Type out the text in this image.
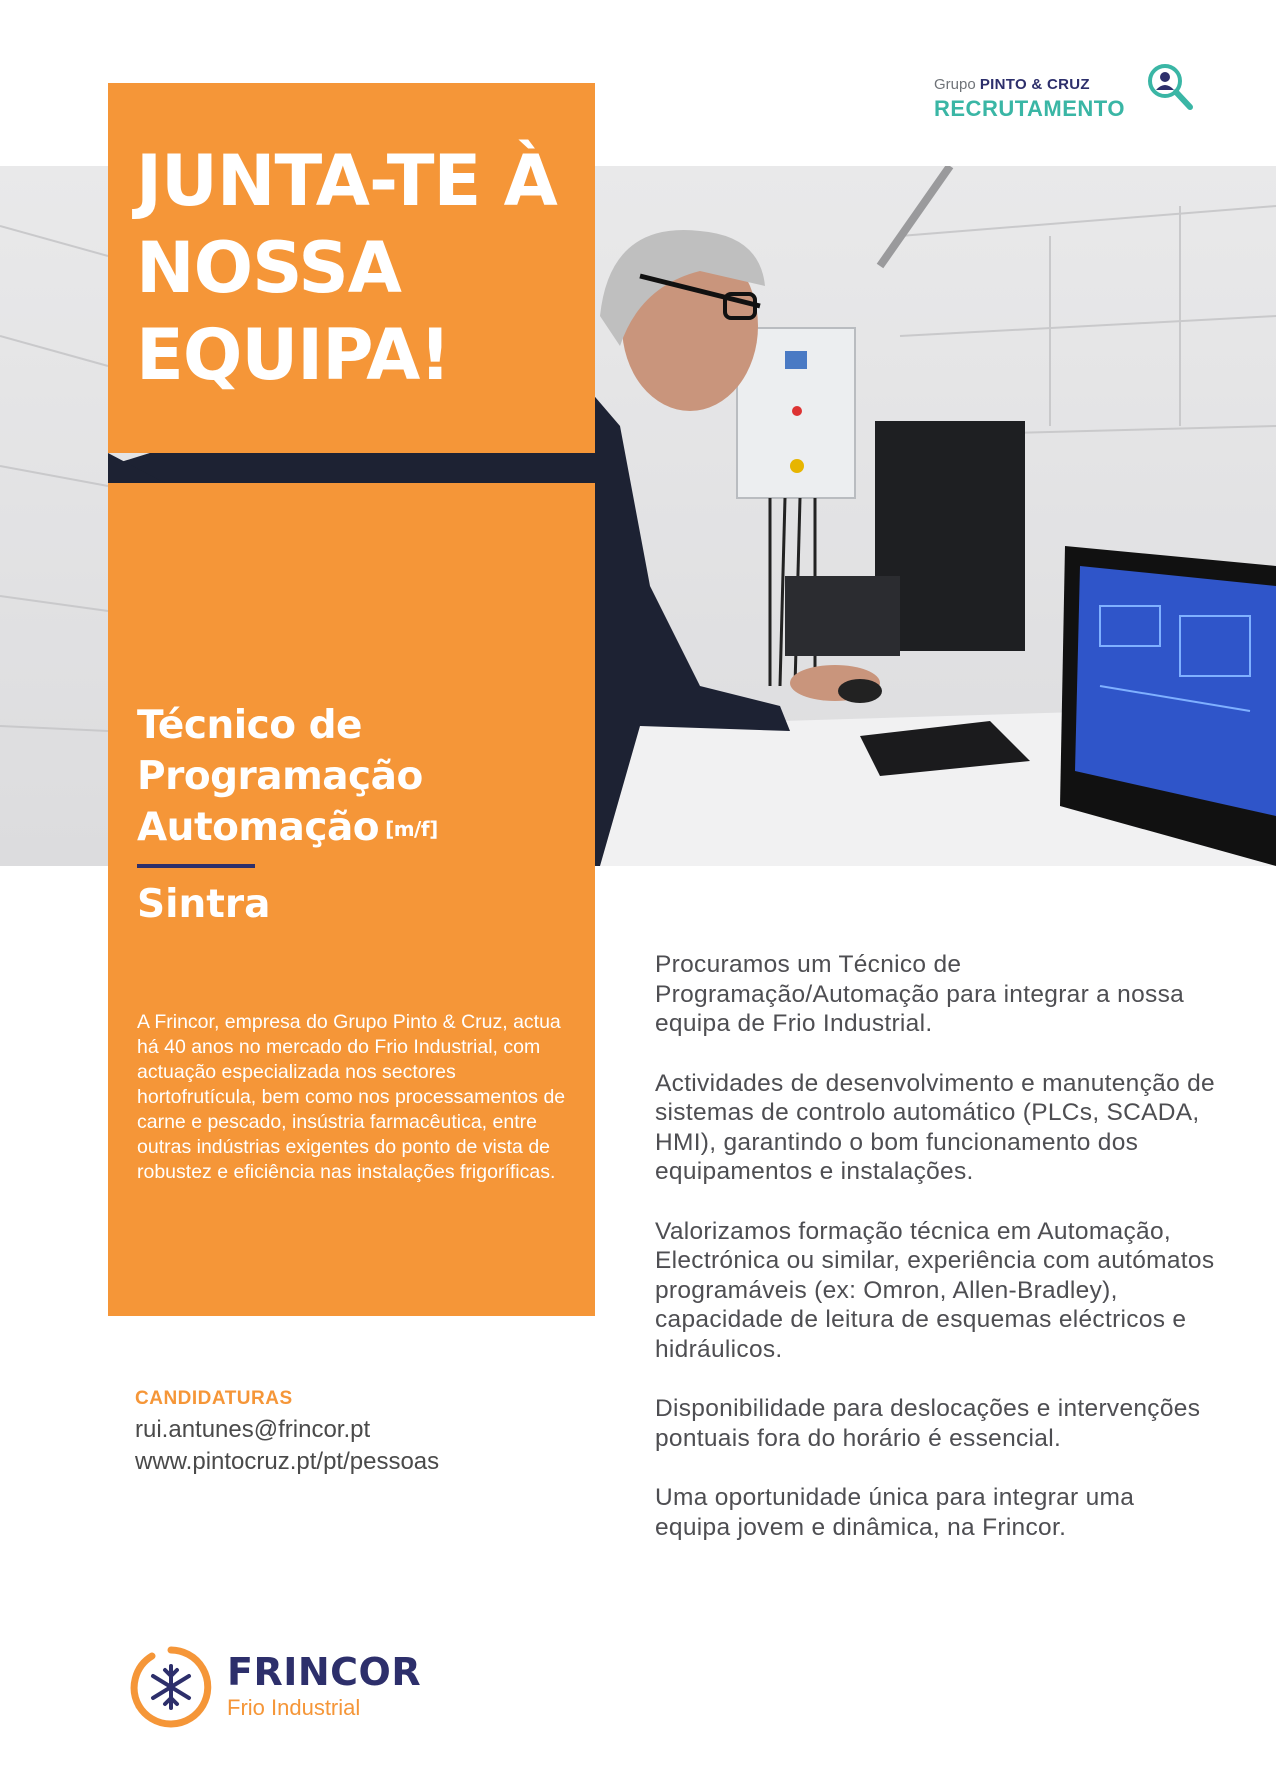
Grupo PINTO & CRUZ
RECRUTAMENTO
JUNTA-TE À NOSSA EQUIPA!
Técnico de Programação Automação [m/f]
Sintra

A Frincor, empresa do Grupo Pinto & Cruz, actua há 40 anos no mercado do Frio Industrial, com actuação especializada nos sectores hortofrutícula, bem como nos processamentos de carne e pescado, insústria farmacêutica, entre outras indústrias exigentes do ponto de vista de robustez e eficiência nas instalações frigoríficas.

CANDIDATURAS
rui.antunes@frincor.pt
www.pintocruz.pt/pt/pessoas

Procuramos um Técnico de Programação/Automação para integrar a nossa equipa de Frio Industrial.

Actividades de desenvolvimento e manutenção de sistemas de controlo automático (PLCs, SCADA, HMI), garantindo o bom funcionamento dos equipamentos e instalações.

Valorizamos formação técnica em Automação, Electrónica ou similar, experiência com autómatos programáveis (ex: Omron, Allen-Bradley), capacidade de leitura de esquemas eléctricos e hidráulicos.

Disponibilidade para deslocações e intervenções pontuais fora do horário é essencial.

Uma oportunidade única para integrar uma equipa jovem e dinâmica, na Frincor.

FRINCOR
Frio Industrial
